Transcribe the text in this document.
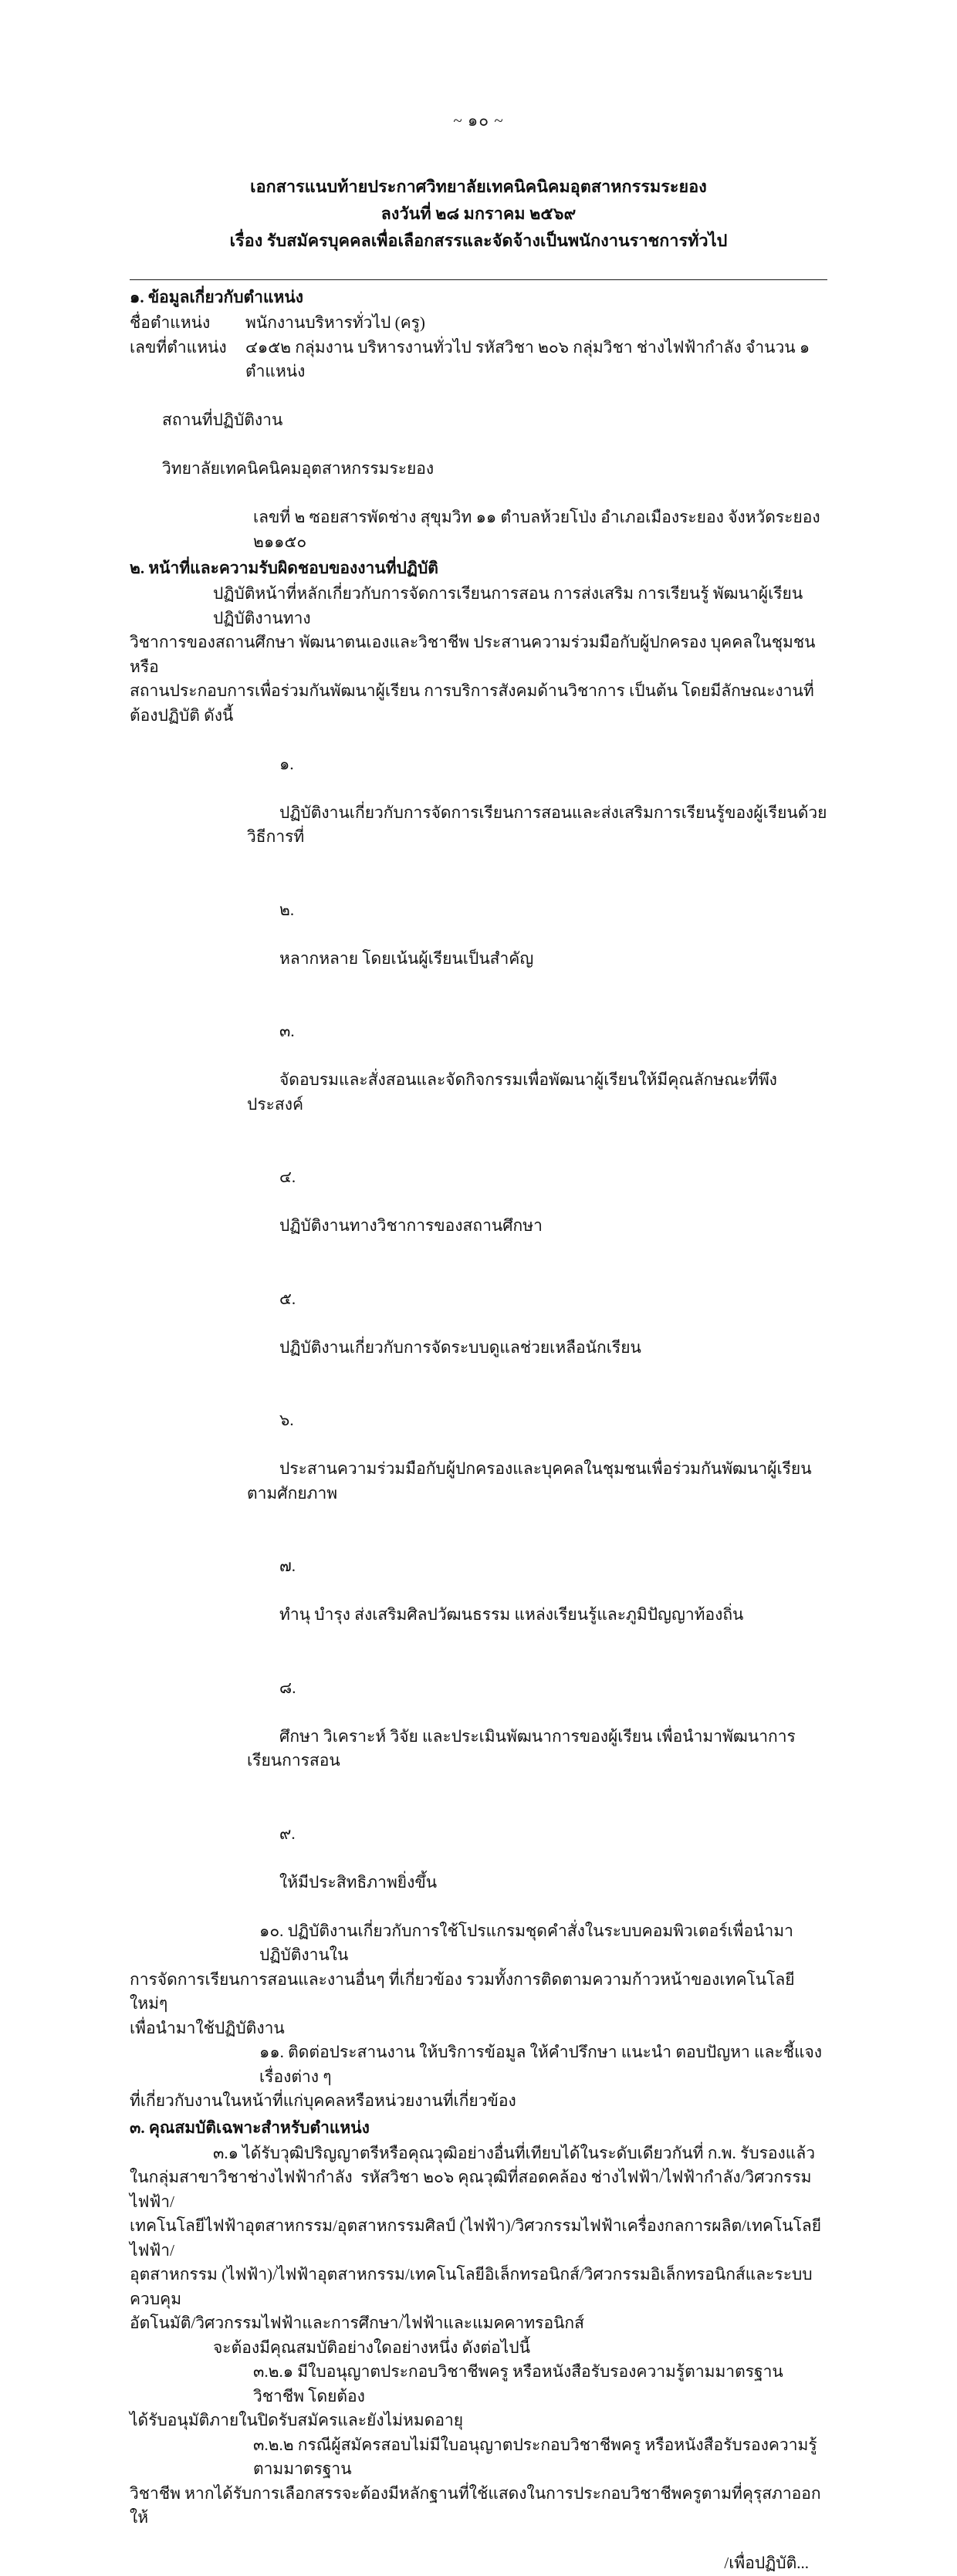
~ ๑๐ ~
เอกสารแนบท้ายประกาศวิทยาลัยเทคนิคนิคมอุตสาหกรรมระยอง
ลงวันที่ ๒๘ มกราคม ๒๕๖๙
เรื่อง รับสมัครบุคคลเพื่อเลือกสรรและจัดจ้างเป็นพนักงานราชการทั่วไป
๑. ข้อมูลเกี่ยวกับตำแหน่ง
ชื่อตำแหน่ง	พนักงานบริหารทั่วไป (ครู)
เลขที่ตำแหน่ง	๔๑๕๒ กลุ่มงาน บริหารงานทั่วไป รหัสวิชา ๒๐๖ กลุ่มวิชา ช่างไฟฟ้ากำลัง จำนวน ๑ ตำแหน่ง

สถานที่ปฏิบัติงาน

วิทยาลัยเทคนิคนิคมอุตสาหกรรมระยอง

เลขที่ ๒ ซอยสารพัดช่าง สุขุมวิท ๑๑ ตำบลห้วยโป่ง อำเภอเมืองระยอง จังหวัดระยอง ๒๑๑๕๐
๒. หน้าที่และความรับผิดชอบของงานที่ปฏิบัติ
ปฏิบัติหน้าที่หลักเกี่ยวกับการจัดการเรียนการสอน การส่งเสริม การเรียนรู้ พัฒนาผู้เรียน ปฏิบัติงานทาง
วิชาการของสถานศึกษา พัฒนาตนเองและวิชาชีพ ประสานความร่วมมือกับผู้ปกครอง บุคคลในชุมชนหรือ
สถานประกอบการเพื่อร่วมกันพัฒนาผู้เรียน การบริการสังคมด้านวิชาการ เป็นต้น โดยมีลักษณะงานที่ต้องปฏิบัติ ดังนี้

๑.

ปฏิบัติงานเกี่ยวกับการจัดการเรียนการสอนและส่งเสริมการเรียนรู้ของผู้เรียนด้วยวิธีการที่

๒.

หลากหลาย โดยเน้นผู้เรียนเป็นสำคัญ

๓.

จัดอบรมและสั่งสอนและจัดกิจกรรมเพื่อพัฒนาผู้เรียนให้มีคุณลักษณะที่พึงประสงค์

๔.

ปฏิบัติงานทางวิชาการของสถานศึกษา

๕.

ปฏิบัติงานเกี่ยวกับการจัดระบบดูแลช่วยเหลือนักเรียน

๖.

ประสานความร่วมมือกับผู้ปกครองและบุคคลในชุมชนเพื่อร่วมกันพัฒนาผู้เรียนตามศักยภาพ

๗.

ทำนุ บำรุง ส่งเสริมศิลปวัฒนธรรม แหล่งเรียนรู้และภูมิปัญญาท้องถิ่น

๘.

ศึกษา วิเคราะห์ วิจัย และประเมินพัฒนาการของผู้เรียน เพื่อนำมาพัฒนาการเรียนการสอน

๙.

ให้มีประสิทธิภาพยิ่งขึ้น

๑๐. ปฏิบัติงานเกี่ยวกับการใช้โปรแกรมชุดคำสั่งในระบบคอมพิวเตอร์เพื่อนำมาปฏิบัติงานใน
การจัดการเรียนการสอนและงานอื่นๆ ที่เกี่ยวข้อง รวมทั้งการติดตามความก้าวหน้าของเทคโนโลยีใหม่ๆ
เพื่อนำมาใช้ปฏิบัติงาน
๑๑. ติดต่อประสานงาน ให้บริการข้อมูล ให้คำปรึกษา แนะนำ ตอบปัญหา และชี้แจงเรื่องต่าง ๆ
ที่เกี่ยวกับงานในหน้าที่แก่บุคคลหรือหน่วยงานที่เกี่ยวข้อง
๓. คุณสมบัติเฉพาะสำหรับตำแหน่ง
๓.๑ ได้รับวุฒิปริญญาตรีหรือคุณวุฒิอย่างอื่นที่เทียบได้ในระดับเดียวกันที่ ก.พ. รับรองแล้ว
ในกลุ่มสาขาวิชาช่างไฟฟ้ากำลัง  รหัสวิชา ๒๐๖ คุณวุฒิที่สอดคล้อง ช่างไฟฟ้า/ไฟฟ้ากำลัง/วิศวกรรมไฟฟ้า/
เทคโนโลยีไฟฟ้าอุตสาหกรรม/อุตสาหกรรมศิลป์ (ไฟฟ้า)/วิศวกรรมไฟฟ้าเครื่องกลการผลิต/เทคโนโลยีไฟฟ้า/
อุตสาหกรรม (ไฟฟ้า)/ไฟฟ้าอุตสาหกรรม/เทคโนโลยีอิเล็กทรอนิกส์/วิศวกรรมอิเล็กทรอนิกส์และระบบควบคุม
อัตโนมัติ/วิศวกรรมไฟฟ้าและการศึกษา/ไฟฟ้าและแมคคาทรอนิกส์
จะต้องมีคุณสมบัติอย่างใดอย่างหนึ่ง ดังต่อไปนี้
๓.๒.๑ มีใบอนุญาตประกอบวิชาชีพครู หรือหนังสือรับรองความรู้ตามมาตรฐานวิชาชีพ โดยต้อง
ได้รับอนุมัติภายในปิดรับสมัครและยังไม่หมดอายุ
๓.๒.๒ กรณีผู้สมัครสอบไม่มีใบอนุญาตประกอบวิชาชีพครู หรือหนังสือรับรองความรู้ตามมาตรฐาน
วิชาชีพ หากได้รับการเลือกสรรจะต้องมีหลักฐานที่ใช้แสดงในการประกอบวิชาชีพครูตามที่คุรุสภาออกให้
/เพื่อปฏิบัติ...
